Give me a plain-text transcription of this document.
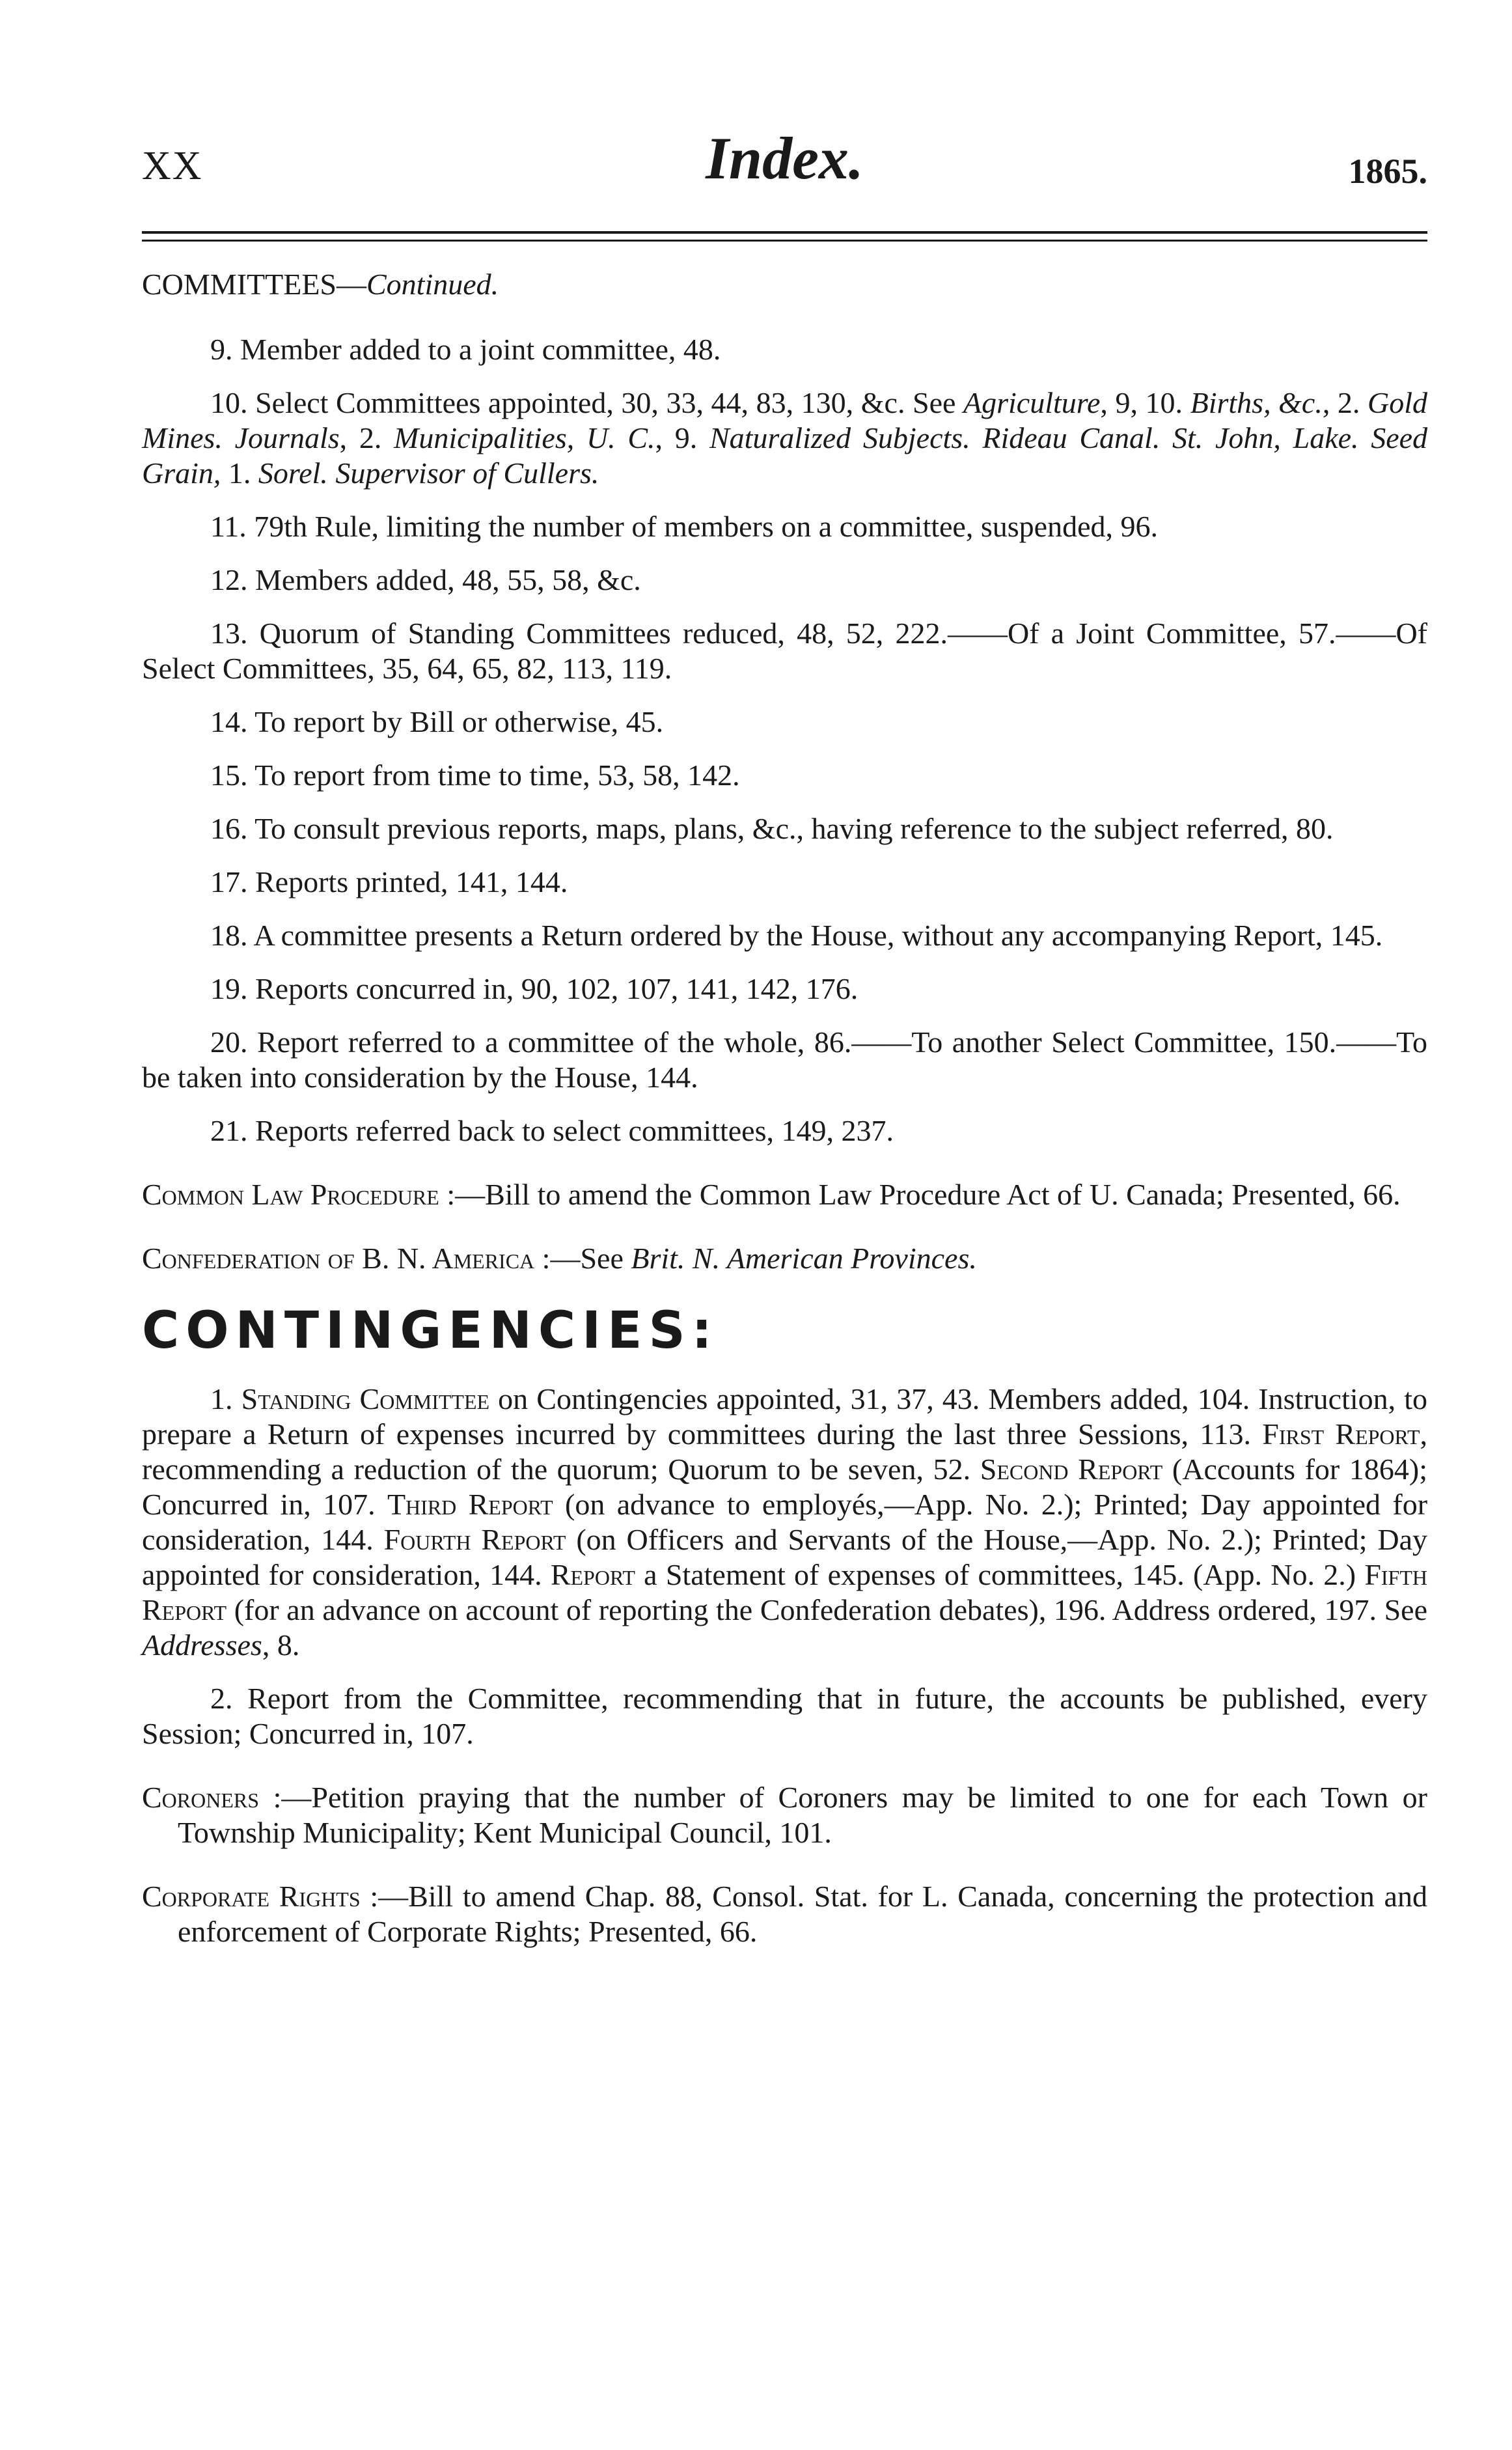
XX	Index.	1865.

COMMITTEES—Continued.

9. Member added to a joint committee, 48.

10. Select Committees appointed, 30, 33, 44, 83, 130, &c. See Agriculture, 9, 10. Births, &c., 2. Gold Mines. Journals, 2. Municipalities, U. C., 9. Naturalized Subjects. Rideau Canal. St. John, Lake. Seed Grain, 1. Sorel. Supervisor of Cullers.

11. 79th Rule, limiting the number of members on a committee, suspended, 96.

12. Members added, 48, 55, 58, &c.

13. Quorum of Standing Committees reduced, 48, 52, 222.——Of a Joint Committee, 57.——Of Select Committees, 35, 64, 65, 82, 113, 119.

14. To report by Bill or otherwise, 45.

15. To report from time to time, 53, 58, 142.

16. To consult previous reports, maps, plans, &c., having reference to the subject referred, 80.

17. Reports printed, 141, 144.

18. A committee presents a Return ordered by the House, without any accompanying Report, 145.

19. Reports concurred in, 90, 102, 107, 141, 142, 176.

20. Report referred to a committee of the whole, 86.——To another Select Committee, 150.——To be taken into consideration by the House, 144.

21. Reports referred back to select committees, 149, 237.

Common Law Procedure :—Bill to amend the Common Law Procedure Act of U. Canada; Presented, 66.

Confederation of B. N. America :—See Brit. N. American Provinces.

CONTINGENCIES:

1. Standing Committee on Contingencies appointed, 31, 37, 43. Members added, 104. Instruction, to prepare a Return of expenses incurred by committees during the last three Sessions, 113. First Report, recommending a reduction of the quorum; Quorum to be seven, 52. Second Report (Accounts for 1864); Concurred in, 107. Third Report (on advance to employés,—App. No. 2.); Printed; Day appointed for consideration, 144. Fourth Report (on Officers and Servants of the House,—App. No. 2.); Printed; Day appointed for consideration, 144. Report a Statement of expenses of committees, 145. (App. No. 2.) Fifth Report (for an advance on account of reporting the Confederation debates), 196. Address ordered, 197. See Addresses, 8.

2. Report from the Committee, recommending that in future, the accounts be published, every Session; Concurred in, 107.

Coroners :—Petition praying that the number of Coroners may be limited to one for each Town or Township Municipality; Kent Municipal Council, 101.

Corporate Rights :—Bill to amend Chap. 88, Consol. Stat. for L. Canada, concerning the protection and enforcement of Corporate Rights; Presented, 66.
